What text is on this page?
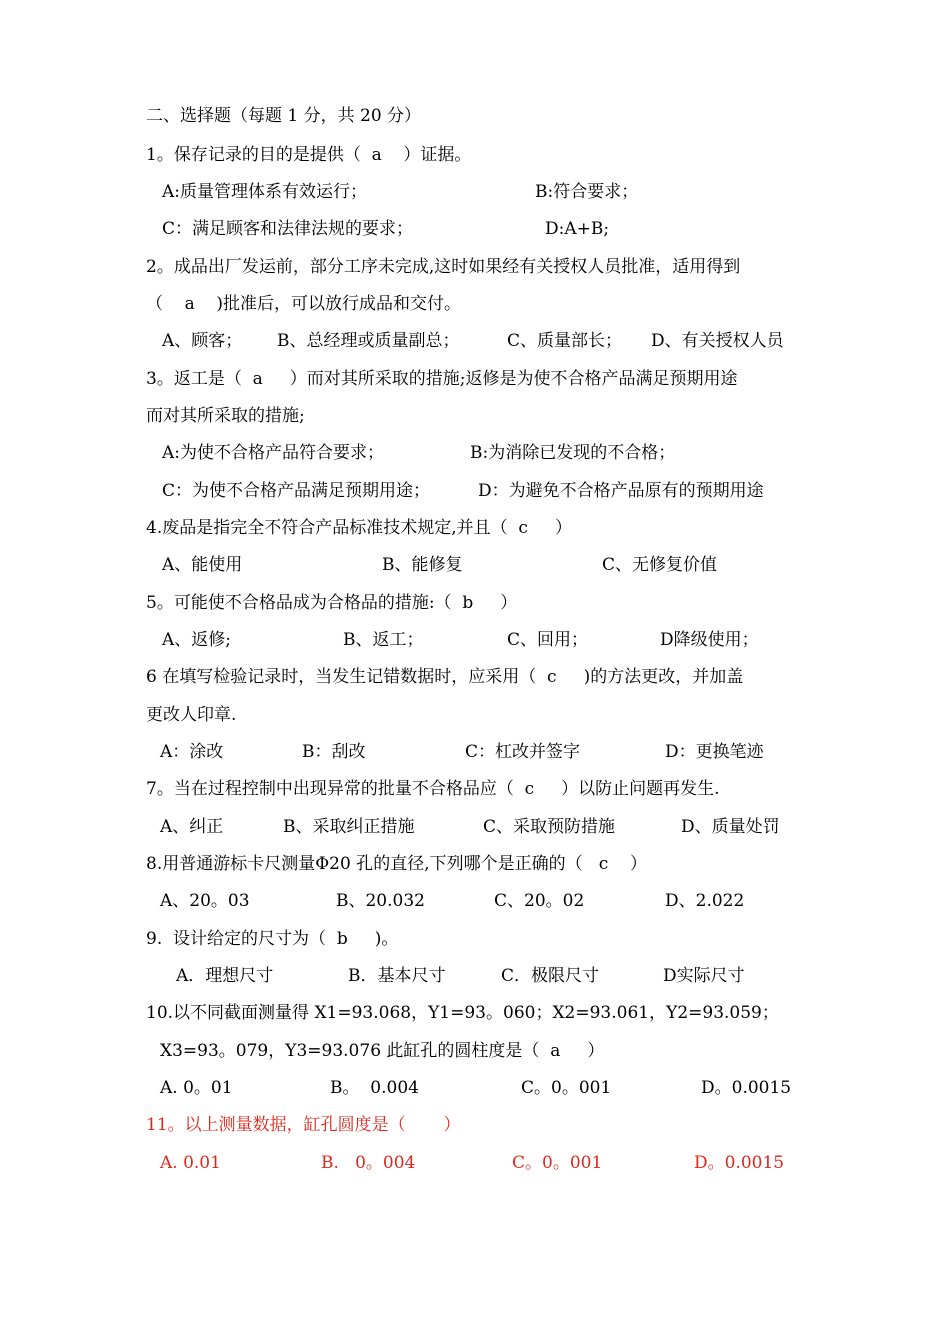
二、选择题（每题 1 分，共 20 分）
1。保存记录的目的是提供（  a    ）证据。
A:质量管理体系有效运行；	B:符合要求；
C：满足顾客和法律法规的要求；	D:A+B;
2。成品出厂发运前，部分工序未完成,这时如果经有关授权人员批准，适用得到
（    a    )批准后，可以放行成品和交付。
A、顾客； B、总经理或质量副总；	C、质量部长； D、有关授权人员
3。返工是（  a     ）而对其所采取的措施;返修是为使不合格产品满足预期用途
而对其所采取的措施;
A:为使不合格产品符合要求；	B:为消除已发现的不合格；
C：为使不合格产品满足预期用途；	D：为避免不合格产品原有的预期用途
4.废品是指完全不符合产品标准技术规定,并且（  c     ）
A、能使用	B、能修复	C、无修复价值
5。可能使不合格品成为合格品的措施:（  b     ）
A、返修;	B、返工；	C、回用；	D降级使用；
6 在填写检验记录时，当发生记错数据时，应采用（  c     )的方法更改，并加盖
更改人印章.
A：涂改	B：刮改	C：杠改并签字	D：更换笔迹
7。当在过程控制中出现异常的批量不合格品应（  c     ）以防止问题再发生.
A、纠正	B、采取纠正措施	C、采取预防措施	D、质量处罚
8.用普通游标卡尺测量Φ20 孔的直径,下列哪个是正确的（   c    ）
A、20。03	B、20.032	C、20。02	D、2.022
9.  设计给定的尺寸为（  b     )。
A．理想尺寸	B．基本尺寸	C．极限尺寸	D实际尺寸
10.以不同截面测量得 X1=93.068，Y1=93。060；X2=93.061，Y2=93.059；
X3=93。079，Y3=93.076 此缸孔的圆柱度是（  a     ）
A. 0。01	B。  0.004	C。0。001	D。0.0015
11。以上测量数据，缸孔圆度是（       ）
A. 0.01	B.   0。004	C。0。001	D。0.0015
